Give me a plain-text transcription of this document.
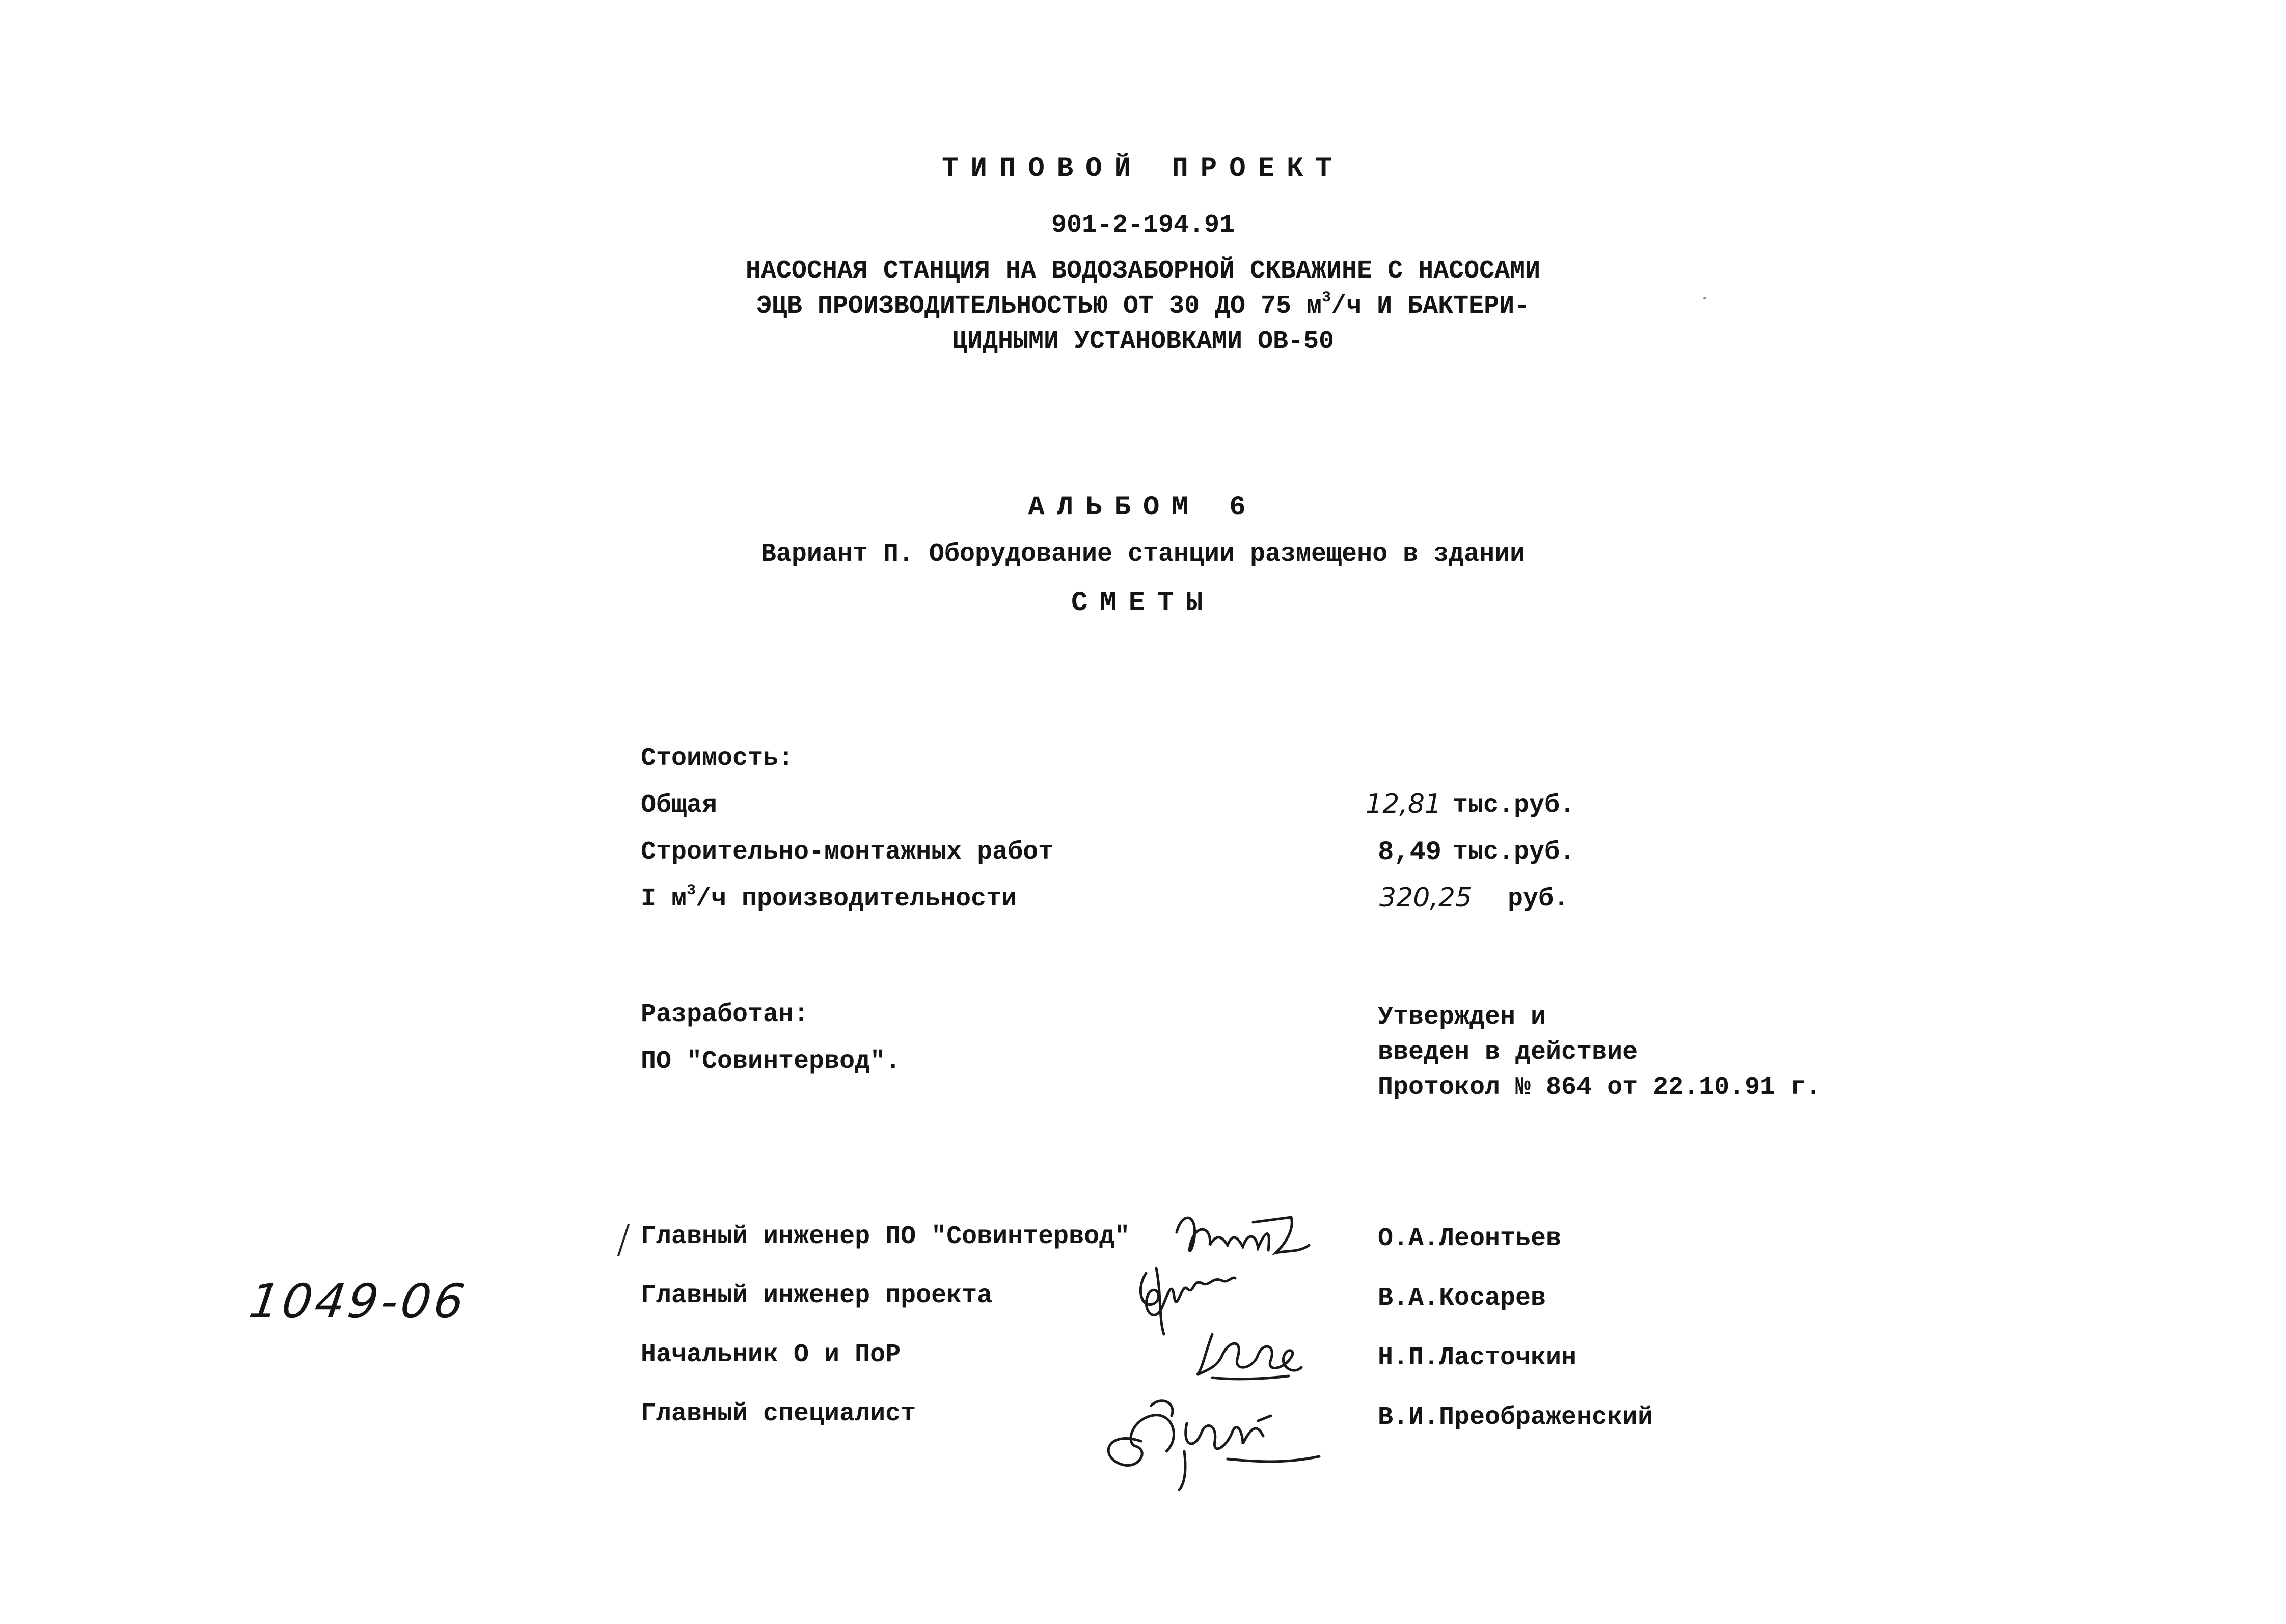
ТИПОВОЙ ПРОЕКТ
901-2-194.91
НАСОСНАЯ СТАНЦИЯ НА ВОДОЗАБОРНОЙ СКВАЖИНЕ С НАСОСАМИ
ЭЦВ ПРОИЗВОДИТЕЛЬНОСТЬЮ ОТ 30 ДО 75 $м^3/ч$ И БАКТЕРИ-
ЦИДНЫМИ УСТАНОВКАМИ ОВ-50
АЛЬБОМ 6
Вариант П. Оборудование станции размещено в здании
СМЕТЫ
Стоимость:
Общая	12,81 тыс.руб.
Строительно-монтажных работ	8,49 тыс.руб.
I $м^3/ч$ производительности	320,25 руб.
Разработан:
ПО "Совинтервод".
Утвержден и
введен в действие
Протокол № 864 от 22.10.91 г.
Главный инженер ПО "Совинтервод"	О.А.Леонтьев
Главный инженер проекта	В.А.Косарев
Начальник О и ПоР	Н.П.Ласточкин
Главный специалист	В.И.Преображенский
1049-06
